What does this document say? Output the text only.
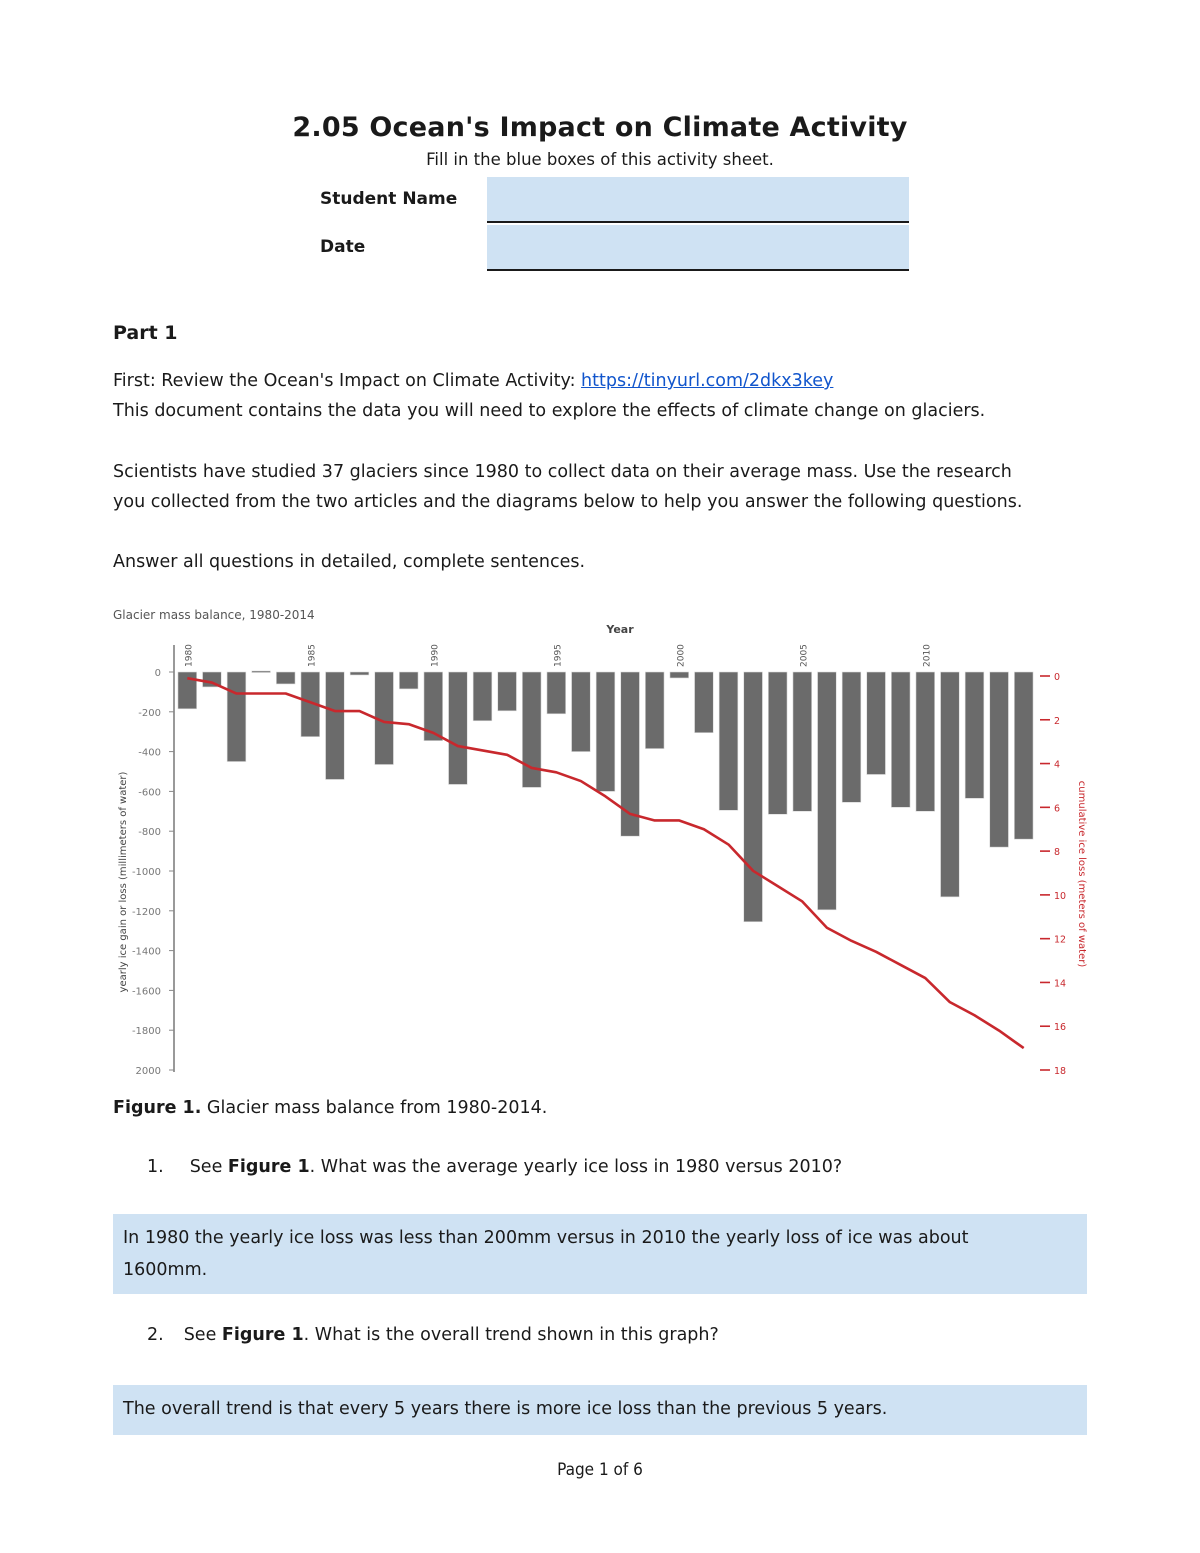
2.05 Ocean's Impact on Climate Activity
Fill in the blue boxes of this activity sheet.
Student Name
Date
Part 1
First: Review the Ocean's Impact on Climate Activity: https://tinyurl.com/2dkx3key
This document contains the data you will need to explore the effects of climate change on glaciers.
Scientists have studied 37 glaciers since 1980 to collect data on their average mass. Use the research
you collected from the two articles and the diagrams below to help you answer the following questions.
Answer all questions in detailed, complete sentences.
Glacier mass balance, 1980-2014
Year
yearly ice gain or loss (millimeters of water)	cumulative ice loss (meters of water)
0
-200
-400
-600
-800
-1000
-1200
-1400
-1600
-1800
2000
0
2
4
6
8
10
12
14
16
18
1980	1985	1990	1995	2000	2005	2010
Figure 1. Glacier mass balance from 1980-2014.
1. See Figure 1. What was the average yearly ice loss in 1980 versus 2010?
In 1980 the yearly ice loss was less than 200mm versus in 2010 the yearly loss of ice was about
1600mm.
2. See Figure 1. What is the overall trend shown in this graph?
The overall trend is that every 5 years there is more ice loss than the previous 5 years.
Page 1 of 6
